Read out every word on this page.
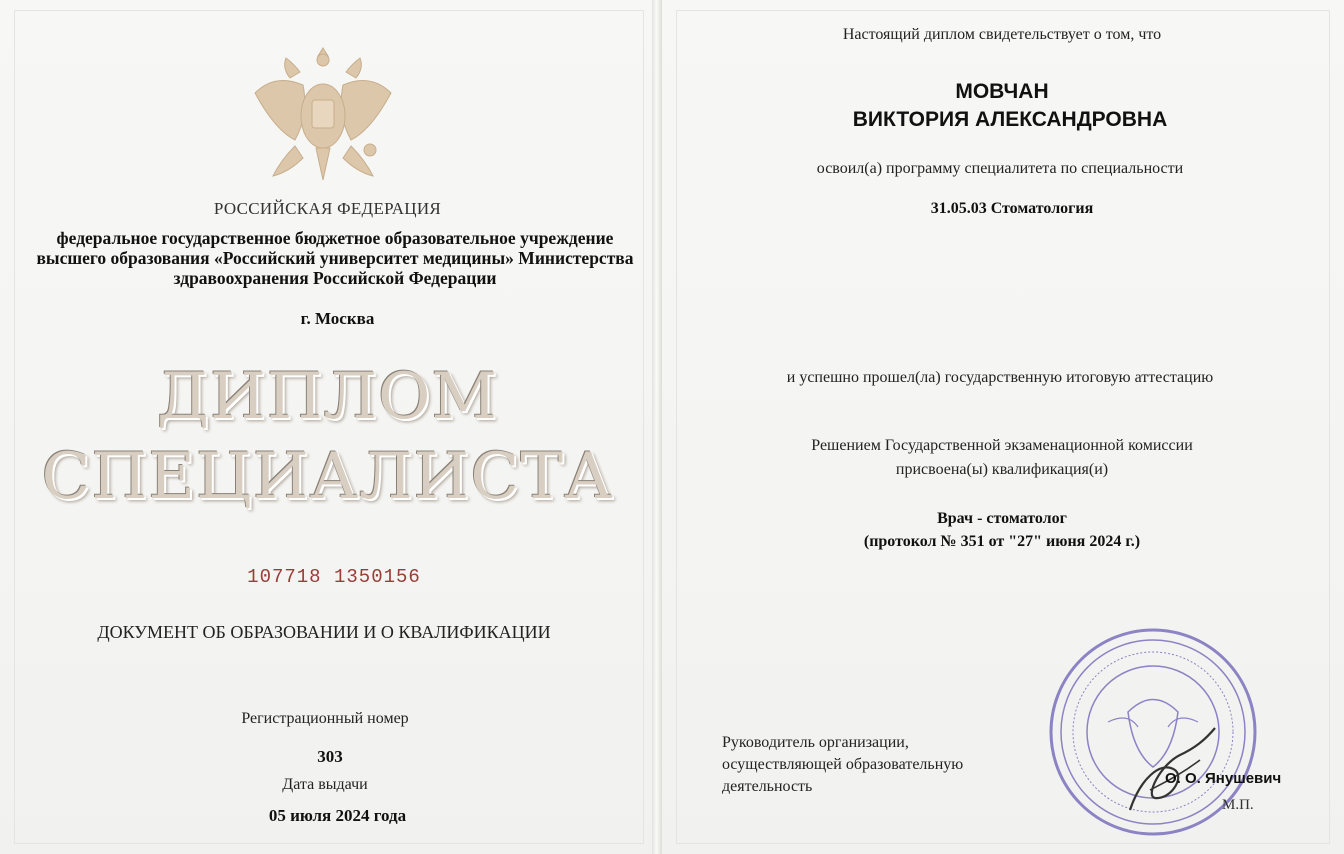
РОССИЙСКАЯ ФЕДЕРАЦИЯ
федеральное государственное бюджетное образовательное учреждение
высшего образования «Российский университет медицины» Министерства
здравоохранения Российской Федерации
г. Москва
ДИПЛОМ
СПЕЦИАЛИСТА
107718 1350156
ДОКУМЕНТ ОБ ОБРАЗОВАНИИ И О КВАЛИФИКАЦИИ
Регистрационный номер
303
Дата выдачи
05 июля 2024 года
Настоящий диплом свидетельствует о том, что
МОВЧАН
ВИКТОРИЯ АЛЕКСАНДРОВНА
освоил(а) программу специалитета по специальности
31.05.03 Стоматология
и успешно прошел(ла) государственную итоговую аттестацию
Решением Государственной экзаменационной комиссии
присвоена(ы) квалификация(и)
Врач - стоматолог
(протокол № 351 от "27" июня 2024 г.)
Руководитель организации,
осуществляющей образовательную
деятельность	О. О. Янушевич
М.П.
